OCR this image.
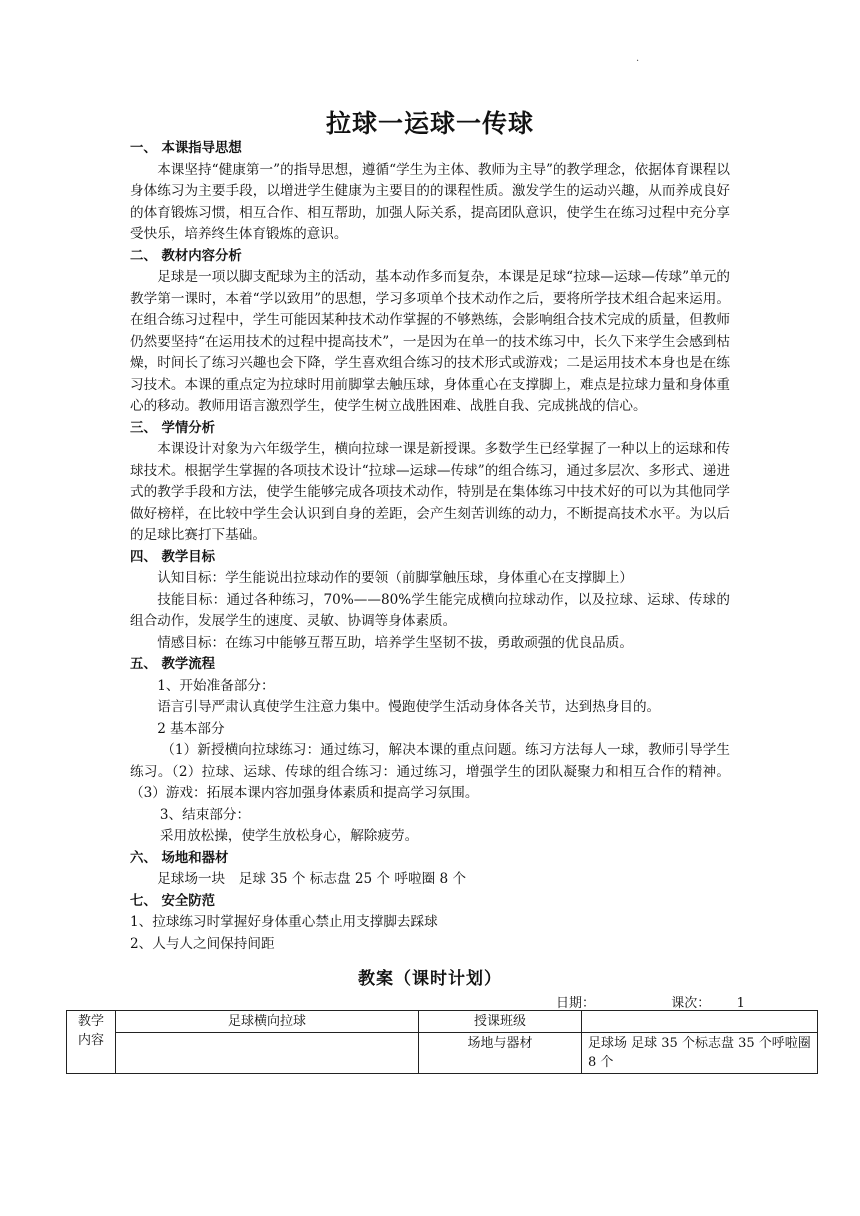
·
拉球一运球一传球

一、 本课指导思想

本课坚持“健康第一”的指导思想，遵循“学生为主体、教师为主导”的教学理念，依据体育课程以身体练习为主要手段，以增进学生健康为主要目的的课程性质。激发学生的运动兴趣，从而养成良好的体育锻炼习惯，相互合作、相互帮助，加强人际关系，提高团队意识，使学生在练习过程中充分享受快乐，培养终生体育锻炼的意识。

二、 教材内容分析

足球是一项以脚支配球为主的活动，基本动作多而复杂，本课是足球“拉球—运球—传球”单元的教学第一课时，本着“学以致用”的思想，学习多项单个技术动作之后，要将所学技术组合起来运用。在组合练习过程中，学生可能因某种技术动作掌握的不够熟练，会影响组合技术完成的质量，但教师仍然要坚持“在运用技术的过程中提高技术”，一是因为在单一的技术练习中，长久下来学生会感到枯燥，时间长了练习兴趣也会下降，学生喜欢组合练习的技术形式或游戏；二是运用技术本身也是在练习技术。本课的重点定为拉球时用前脚掌去触压球，身体重心在支撑脚上，难点是拉球力量和身体重心的移动。教师用语言激烈学生，使学生树立战胜困难、战胜自我、完成挑战的信心。

三、 学情分析

本课设计对象为六年级学生，横向拉球一课是新授课。多数学生已经掌握了一种以上的运球和传球技术。根据学生掌握的各项技术设计“拉球—运球—传球”的组合练习，通过多层次、多形式、递进式的教学手段和方法，使学生能够完成各项技术动作，特别是在集体练习中技术好的可以为其他同学做好榜样，在比较中学生会认识到自身的差距，会产生刻苦训练的动力，不断提高技术水平。为以后的足球比赛打下基础。

四、 教学目标

认知目标：学生能说出拉球动作的要领（前脚掌触压球，身体重心在支撑脚上）

技能目标：通过各种练习，70%——80%学生能完成横向拉球动作，以及拉球、运球、传球的组合动作，发展学生的速度、灵敏、协调等身体素质。

情感目标：在练习中能够互帮互助，培养学生坚韧不拔，勇敢顽强的优良品质。

五、 教学流程

1、开始准备部分：

语言引导严肃认真使学生注意力集中。慢跑使学生活动身体各关节，达到热身目的。

2 基本部分

（1）新授横向拉球练习：通过练习，解决本课的重点问题。练习方法每人一球，教师引导学生练习。（2）拉球、运球、传球的组合练习：通过练习，增强学生的团队凝聚力和相互合作的精神。（3）游戏：拓展本课内容加强身体素质和提高学习氛围。

3、结束部分：

采用放松操，使学生放松身心，解除疲劳。

六、 场地和器材

足球场一块　足球 35 个 标志盘 25 个 呼啦圈 8 个

七、 安全防范

1、拉球练习时掌握好身体重心禁止用支撑脚去踩球

2、人与人之间保持间距

教案（课时计划）
日期：	课次： 1
教学内容	足球横向拉球	授课班级	
		场地与器材	足球场 足球 35 个标志盘 35 个呼啦圈 8 个
